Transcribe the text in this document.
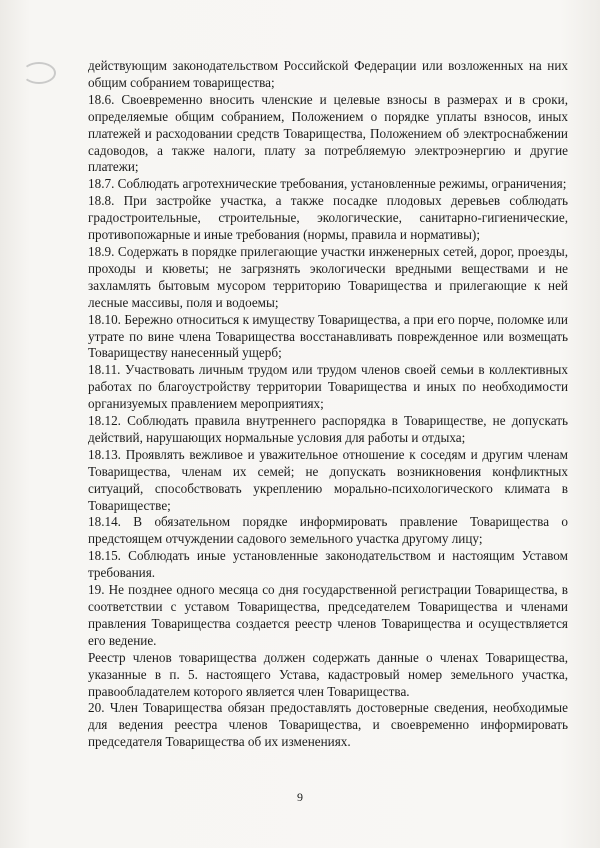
действующим законодательством Российской Федерации или возложенных на них общим собранием товарищества;

18.6. Своевременно вносить членские и целевые взносы в размерах и в сроки, определяемые общим собранием, Положением о порядке уплаты взносов, иных платежей и расходовании средств Товарищества, Положением об электроснабжении садоводов, а также налоги, плату за потребляемую электроэнергию и другие платежи;

18.7. Соблюдать агротехнические требования, установленные режимы, ограничения;

18.8. При застройке участка, а также посадке плодовых деревьев соблюдать градостроительные, строительные, экологические, санитарно-гигиенические, противопожарные и иные требования (нормы, правила и нормативы);

18.9. Содержать в порядке прилегающие участки инженерных сетей, дорог, проезды, проходы и кюветы; не загрязнять экологически вредными веществами и не захламлять бытовым мусором территорию Товарищества и прилегающие к ней лесные массивы, поля и водоемы;

18.10. Бережно относиться к имуществу Товарищества, а при его порче, поломке или утрате по вине члена Товарищества восстанавливать поврежденное или возмещать Товариществу нанесенный ущерб;

18.11. Участвовать личным трудом или трудом членов своей семьи в коллективных работах по благоустройству территории Товарищества и иных по необходимости организуемых правлением мероприятиях;

18.12. Соблюдать правила внутреннего распорядка в Товариществе, не допускать действий, нарушающих нормальные условия для работы и отдыха;

18.13. Проявлять вежливое и уважительное отношение к соседям и другим членам Товарищества, членам их семей; не допускать возникновения конфликтных ситуаций, способствовать укреплению морально-психологического климата в Товариществе;

18.14. В обязательном порядке информировать правление Товарищества о предстоящем отчуждении садового земельного участка другому лицу;

18.15. Соблюдать иные установленные законодательством и настоящим Уставом требования.

19. Не позднее одного месяца со дня государственной регистрации Товарищества, в соответствии с уставом Товарищества, председателем Товарищества и членами правления Товарищества создается реестр членов Товарищества и осуществляется его ведение.

Реестр членов товарищества должен содержать данные о членах Товарищества, указанные в п. 5. настоящего Устава, кадастровый номер земельного участка, правообладателем которого является член Товарищества.

20. Член Товарищества обязан предоставлять достоверные сведения, необходимые для ведения реестра членов Товарищества, и своевременно информировать председателя Товарищества об их изменениях.

9
